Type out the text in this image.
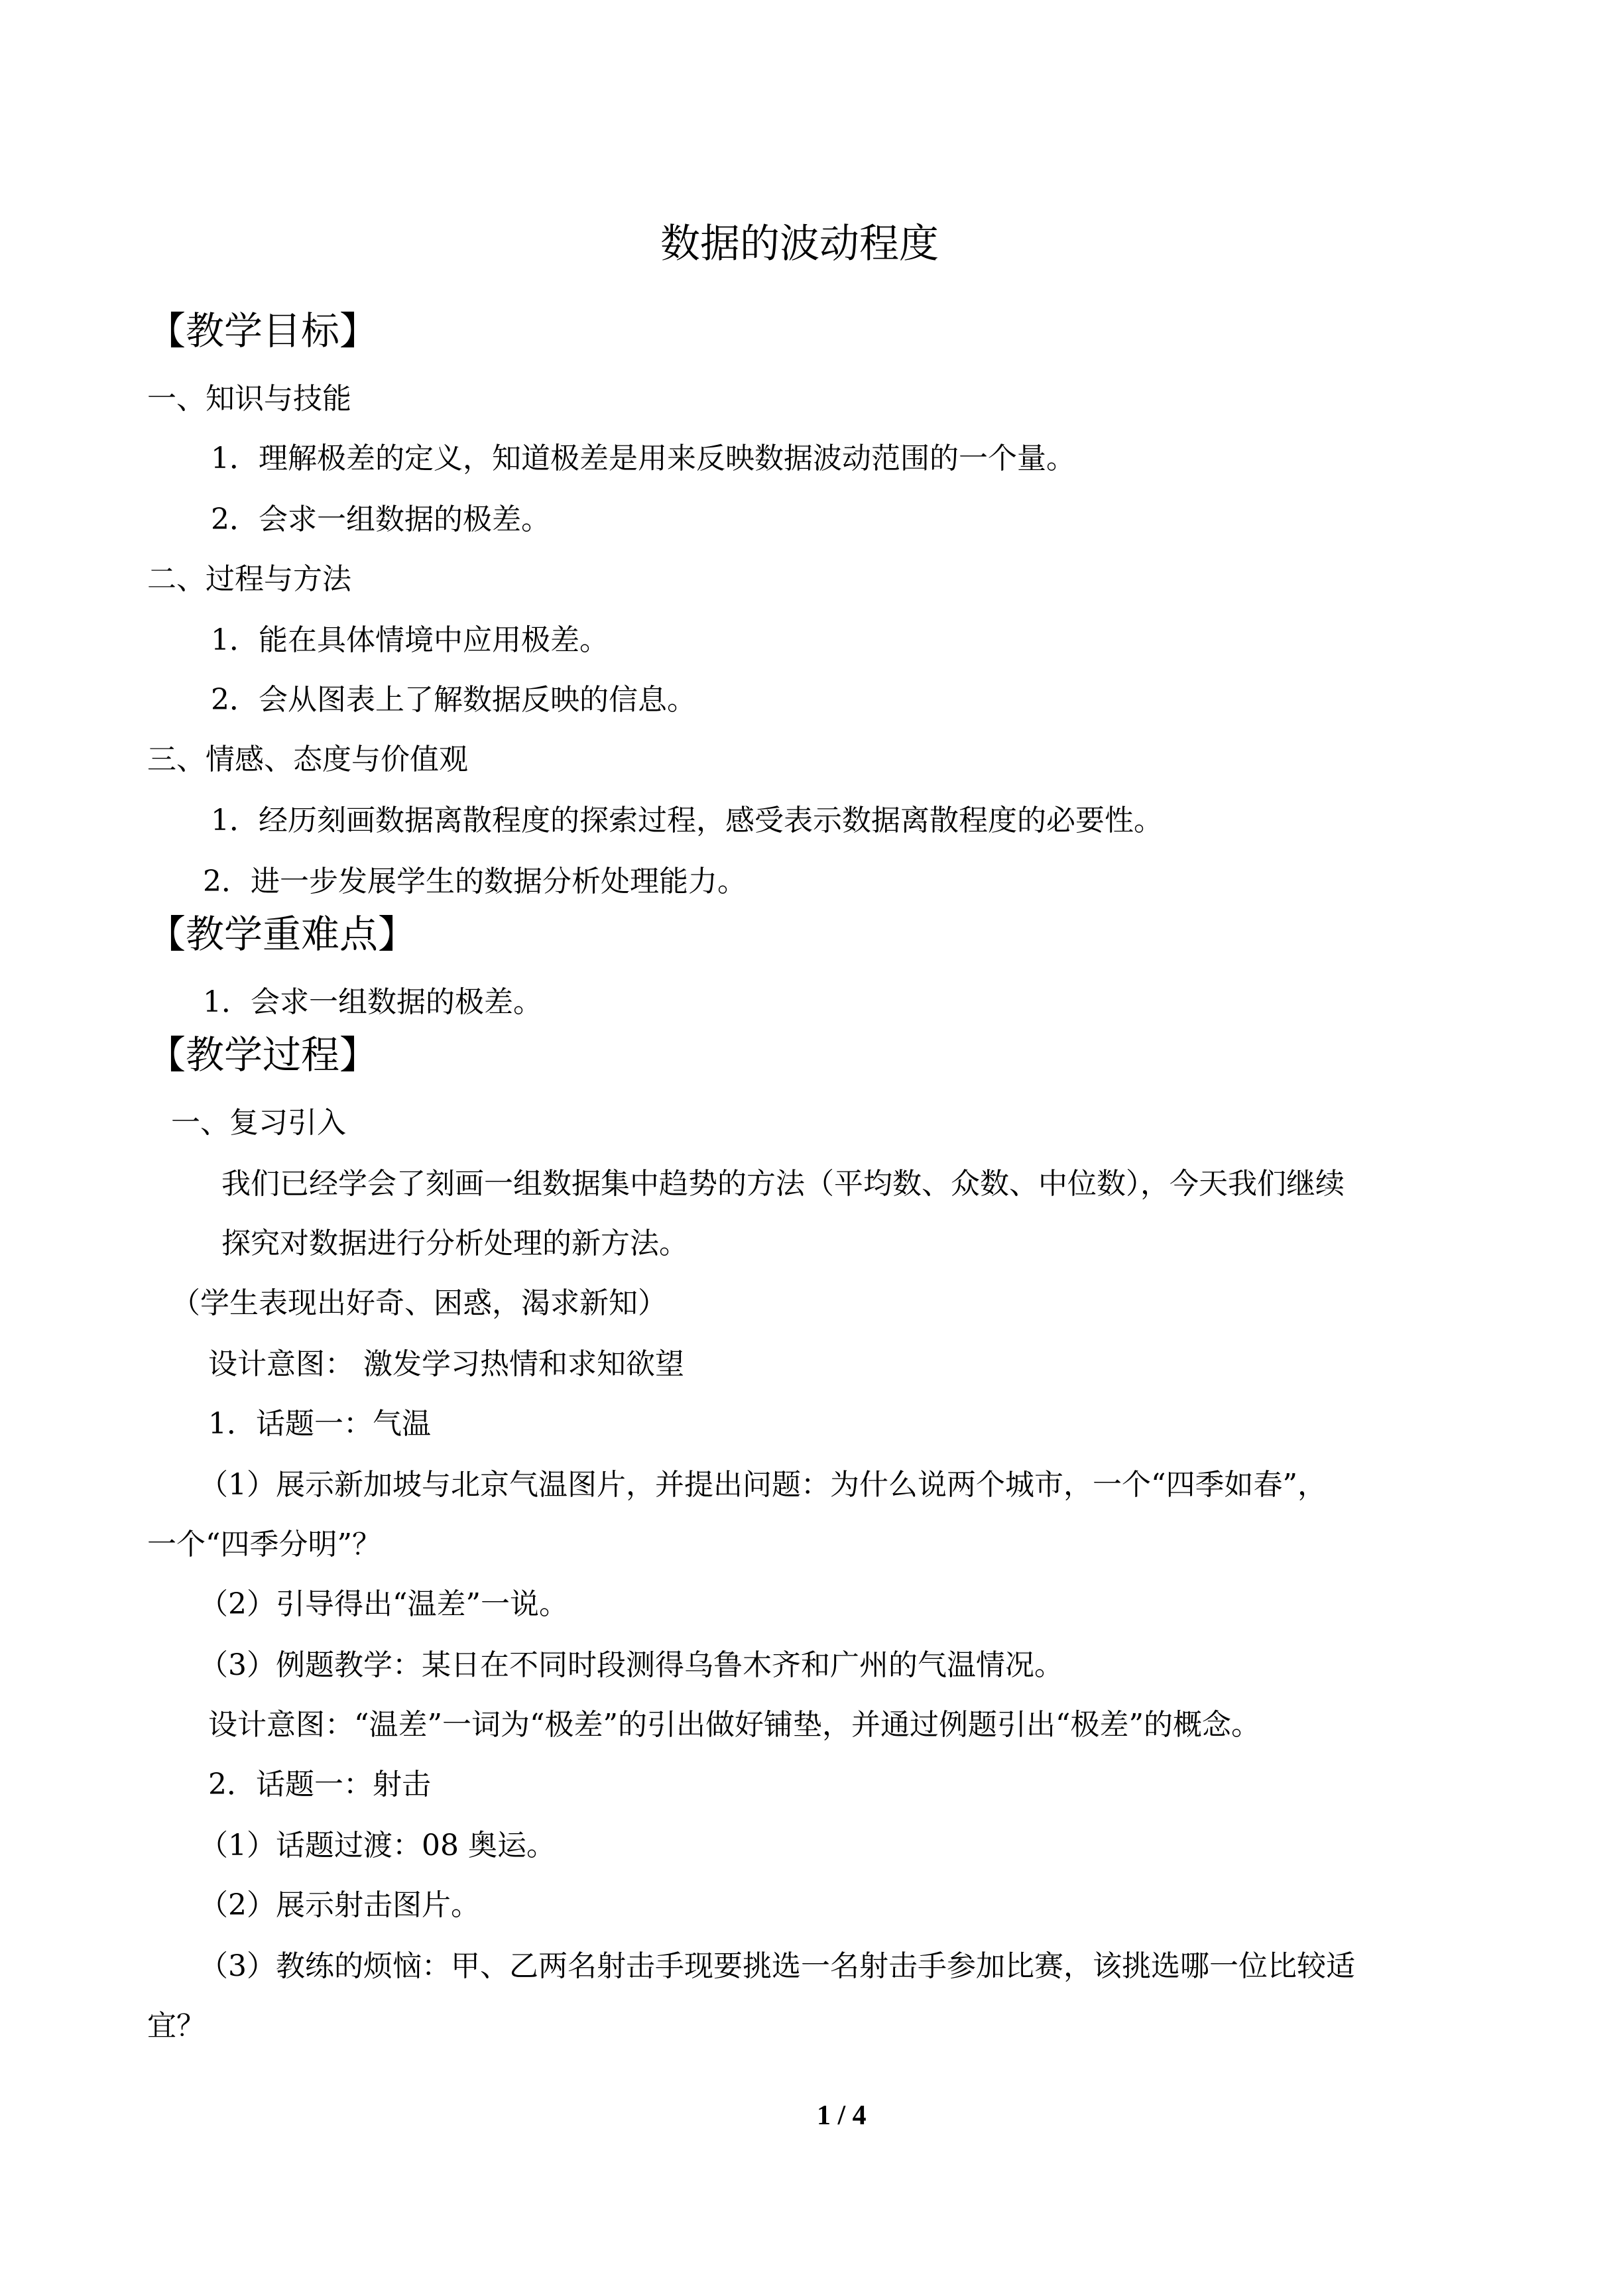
数据的波动程度
【教学目标】
一、知识与技能
1．理解极差的定义，知道极差是用来反映数据波动范围的一个量。
2．会求一组数据的极差。
二、过程与方法
1．能在具体情境中应用极差。
2．会从图表上了解数据反映的信息。
三、情感、态度与价值观
1．经历刻画数据离散程度的探索过程，感受表示数据离散程度的必要性。
2．进一步发展学生的数据分析处理能力。
【教学重难点】
1．会求一组数据的极差。
【教学过程】
一、复习引入
我们已经学会了刻画一组数据集中趋势的方法（平均数、众数、中位数），今天我们继续
探究对数据进行分析处理的新方法。
（学生表现出好奇、困惑，渴求新知）
设计意图： 激发学习热情和求知欲望
1．话题一：气温
（1）展示新加坡与北京气温图片，并提出问题：为什么说两个城市，一个“四季如春”，
一个“四季分明”？
（2）引导得出“温差”一说。
（3）例题教学：某日在不同时段测得乌鲁木齐和广州的气温情况。
设计意图：“温差”一词为“极差”的引出做好铺垫，并通过例题引出“极差”的概念。
2．话题一：射击
（1）话题过渡：08 奥运。
（2）展示射击图片。
（3）教练的烦恼：甲、乙两名射击手现要挑选一名射击手参加比赛，该挑选哪一位比较适
宜？
1 / 4
